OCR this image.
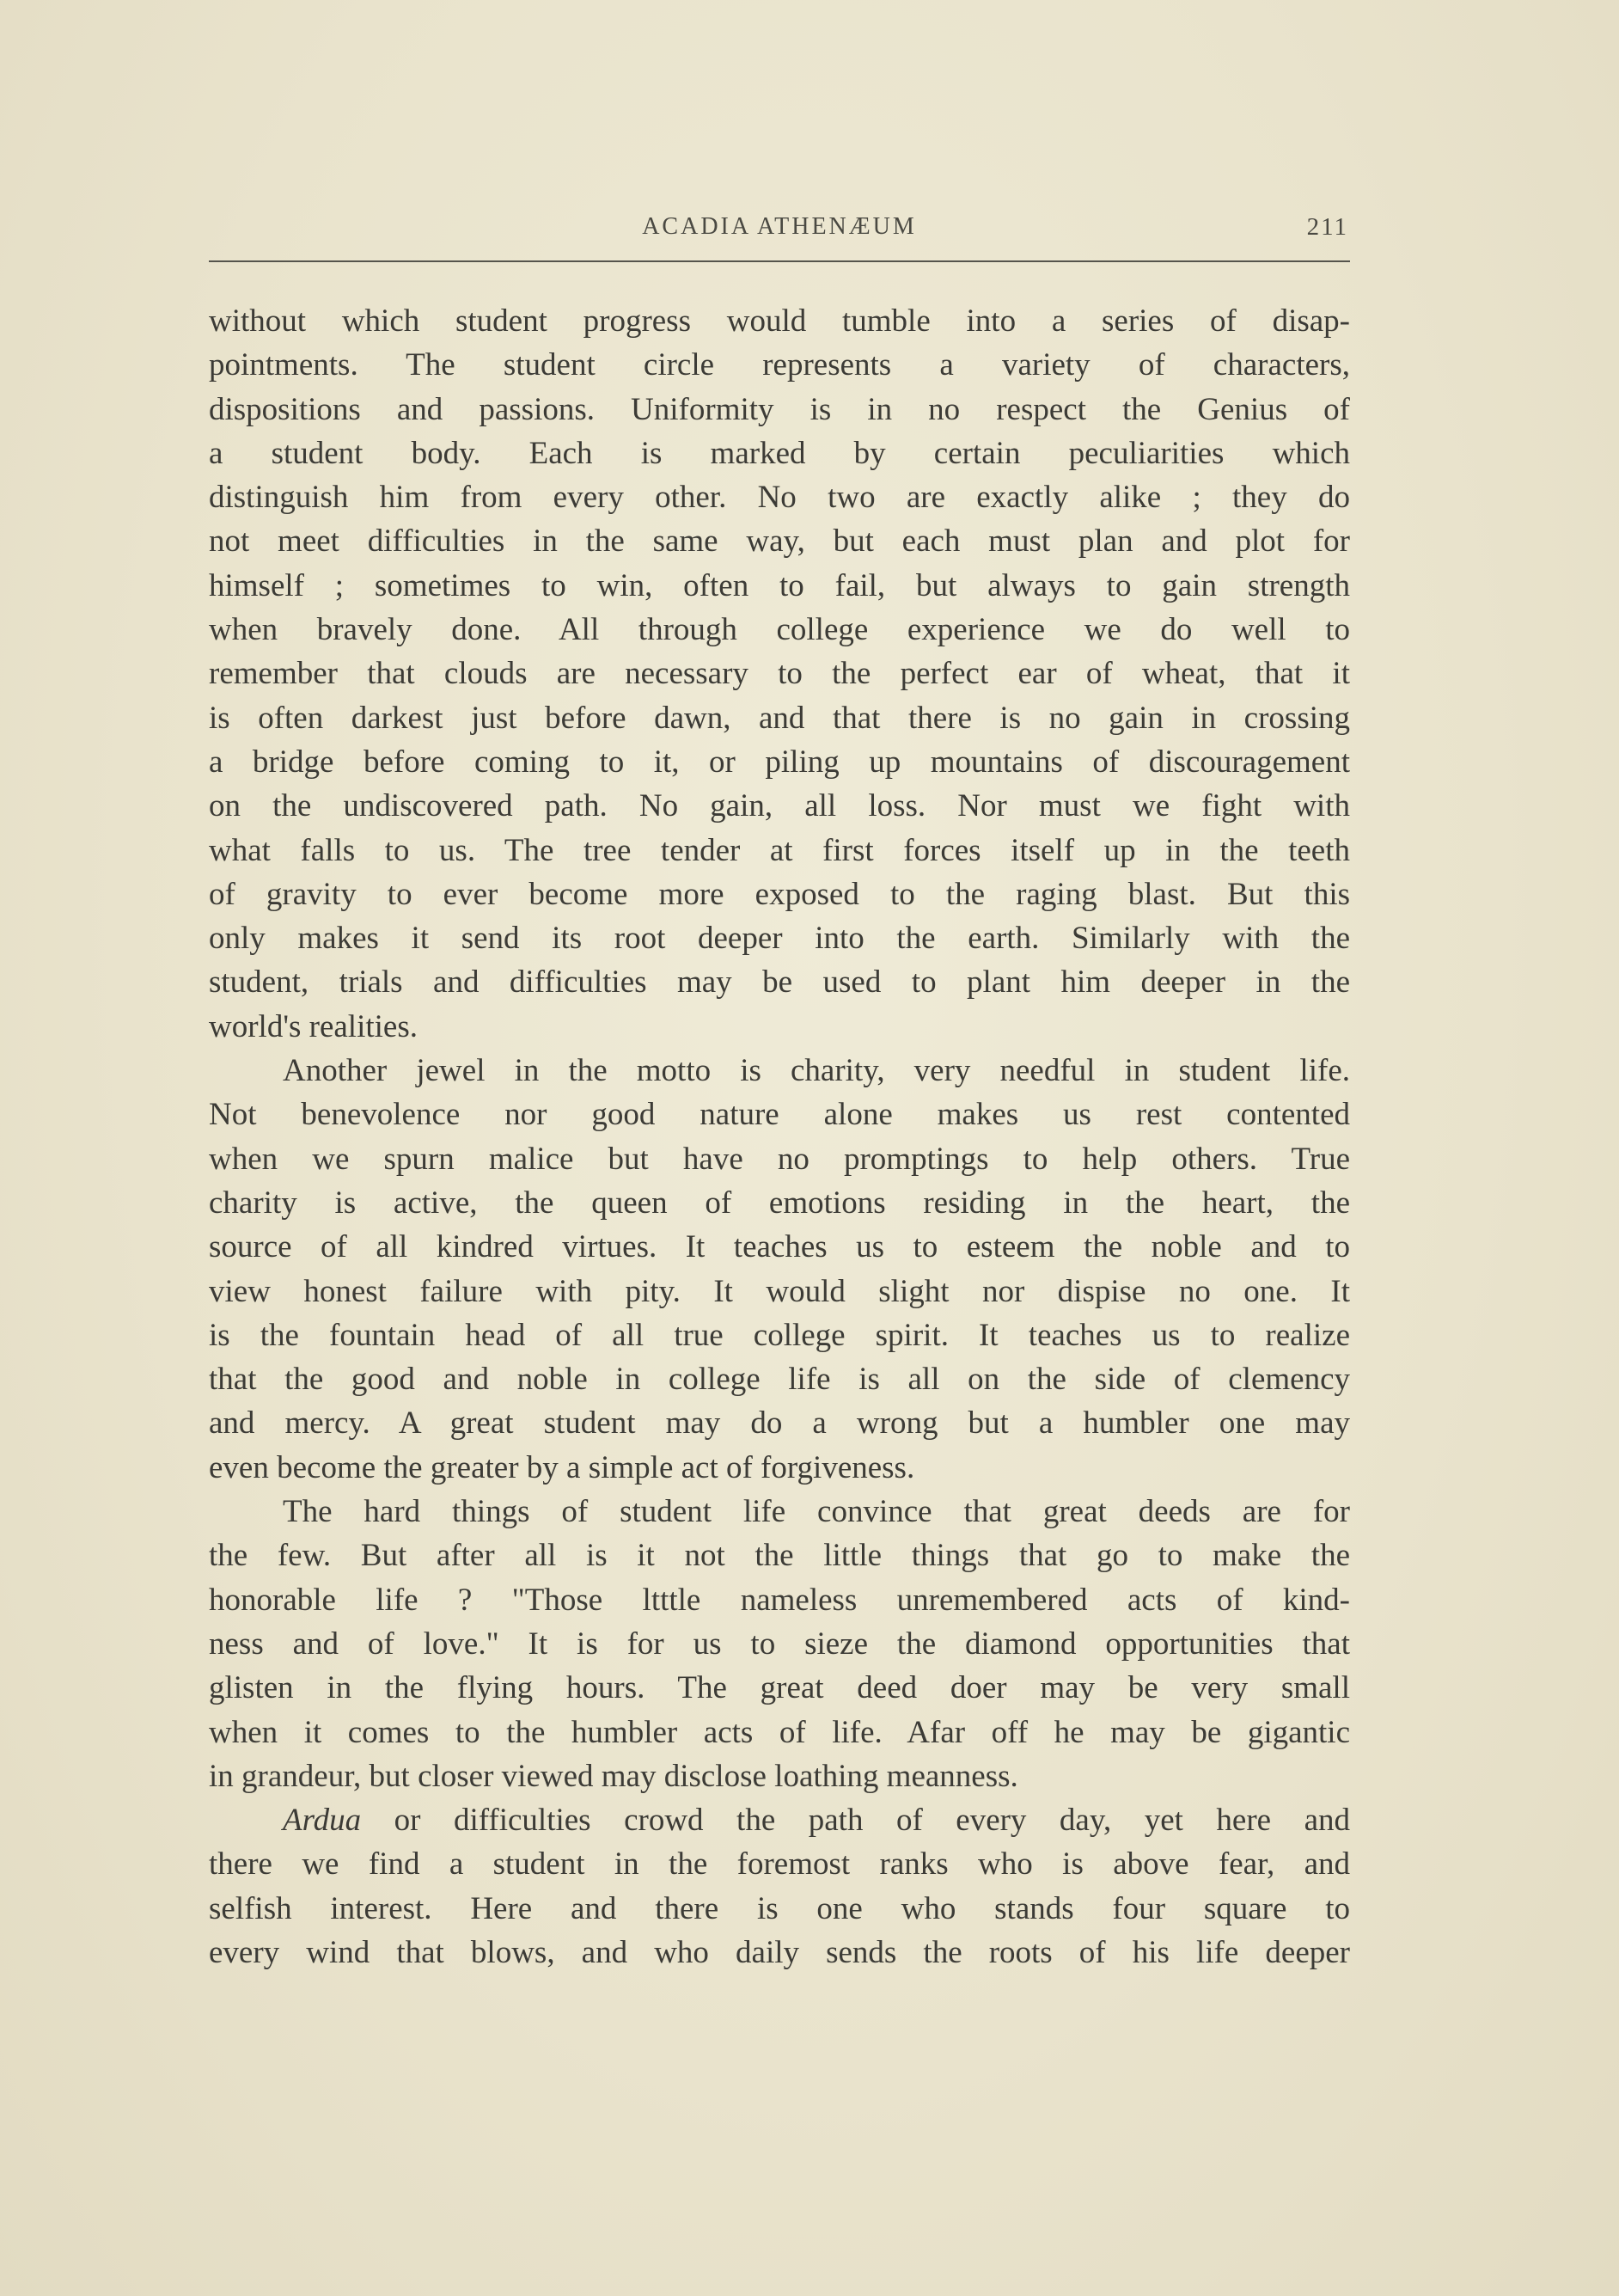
ACADIA ATHENÆUM	211

without which student progress would tumble into a series of disap-
pointments. The student circle represents a variety of characters,
dispositions and passions. Uniformity is in no respect the Genius of
a student body. Each is marked by certain peculiarities which
distinguish him from every other. No two are exactly alike ; they do
not meet difficulties in the same way, but each must plan and plot for
himself ; sometimes to win, often to fail, but always to gain strength
when bravely done. All through college experience we do well to
remember that clouds are necessary to the perfect ear of wheat, that it
is often darkest just before dawn, and that there is no gain in crossing
a bridge before coming to it, or piling up mountains of discouragement
on the undiscovered path. No gain, all loss. Nor must we fight with
what falls to us. The tree tender at first forces itself up in the teeth
of gravity to ever become more exposed to the raging blast. But this
only makes it send its root deeper into the earth. Similarly with the
student, trials and difficulties may be used to plant him deeper in the
world's realities.

Another jewel in the motto is charity, very needful in student life.
Not benevolence nor good nature alone makes us rest contented
when we spurn malice but have no promptings to help others. True
charity is active, the queen of emotions residing in the heart, the
source of all kindred virtues. It teaches us to esteem the noble and to
view honest failure with pity. It would slight nor dispise no one. It
is the fountain head of all true college spirit. It teaches us to realize
that the good and noble in college life is all on the side of clemency
and mercy. A great student may do a wrong but a humbler one may
even become the greater by a simple act of forgiveness.

The hard things of student life convince that great deeds are for
the few. But after all is it not the little things that go to make the
honorable life ? "Those ltttle nameless unremembered acts of kind-
ness and of love." It is for us to sieze the diamond opportunities that
glisten in the flying hours. The great deed doer may be very small
when it comes to the humbler acts of life. Afar off he may be gigantic
in grandeur, but closer viewed may disclose loathing meanness.

Ardua or difficulties crowd the path of every day, yet here and
there we find a student in the foremost ranks who is above fear, and
selfish interest. Here and there is one who stands four square to
every wind that blows, and who daily sends the roots of his life deeper
